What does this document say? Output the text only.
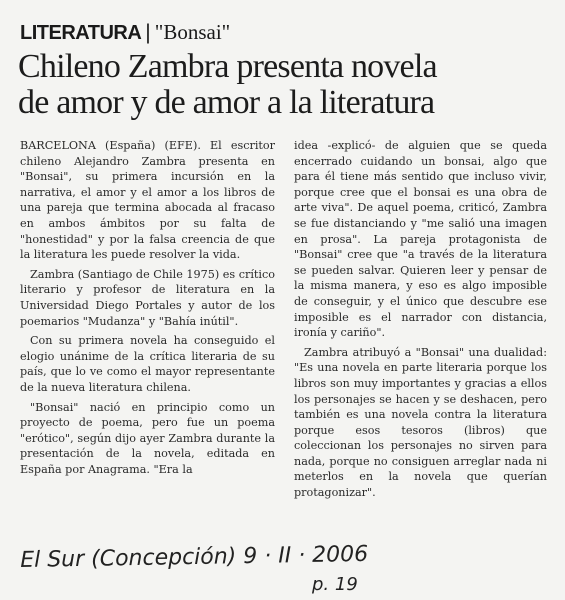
LITERATURA | "Bonsai"
Chileno Zambra presenta novela
de amor y de amor a la literatura

BARCELONA (España) (EFE). El escritor chileno Alejandro Zambra presenta en "Bonsai", su primera incursión en la narrativa, el amor y el amor a los libros de una pareja que termina abocada al fracaso en ambos ámbitos por su falta de "honestidad" y por la falsa creencia de que la literatura les puede resolver la vida.

Zambra (Santiago de Chile 1975) es crítico literario y profesor de literatura en la Universidad Diego Portales y autor de los poemarios "Mudanza" y "Bahía inútil".

Con su primera novela ha conseguido el elogio unánime de la crítica literaria de su país, que lo ve como el mayor representante de la nueva literatura chilena.

"Bonsai" nació en principio como un proyecto de poema, pero fue un poema "erótico", según dijo ayer Zambra durante la presentación de la novela, editada en España por Anagrama. "Era la

idea -explicó- de alguien que se queda encerrado cuidando un bonsai, algo que para él tiene más sentido que incluso vivir, porque cree que el bonsai es una obra de arte viva". De aquel poema, criticó, Zambra se fue distanciando y "me salió una imagen en prosa". La pareja protagonista de "Bonsai" cree que "a través de la literatura se pueden salvar. Quieren leer y pensar de la misma manera, y eso es algo imposible de conseguir, y el único que descubre ese imposible es el narrador con distancia, ironía y cariño".

Zambra atribuyó a "Bonsai" una dualidad: "Es una novela en parte literaria porque los libros son muy importantes y gracias a ellos los personajes se hacen y se deshacen, pero también es una novela contra la literatura porque esos tesoros (libros) que coleccionan los personajes no sirven para nada, porque no consiguen arreglar nada ni meterlos en la novela que querían protagonizar".

El Sur (Concepción) 9 · II · 2006
p. 19
